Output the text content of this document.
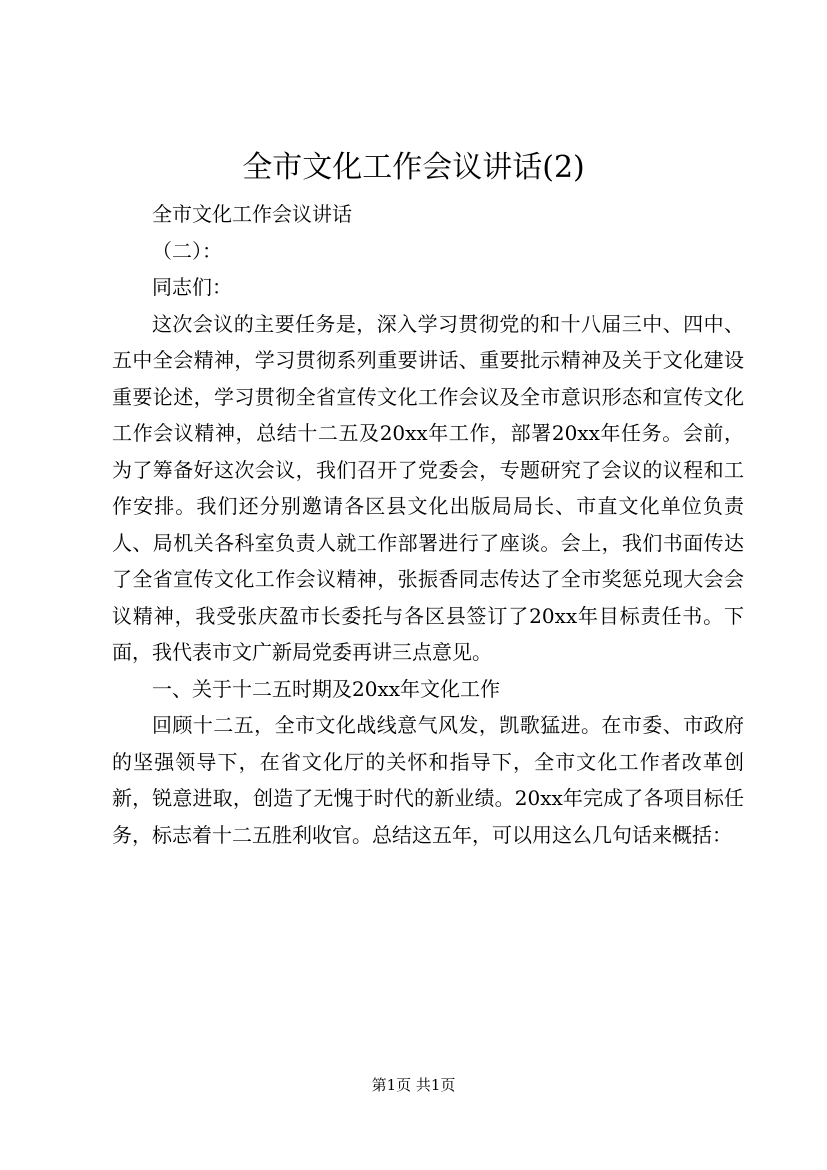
全市文化工作会议讲话(2)

全市文化工作会议讲话

（二）：

同志们：

这次会议的主要任务是，深入学习贯彻党的和十八届三中、四中、五中全会精神，学习贯彻系列重要讲话、重要批示精神及关于文化建设重要论述，学习贯彻全省宣传文化工作会议及全市意识形态和宣传文化工作会议精神，总结十二五及20xx年工作，部署20xx年任务。会前，为了筹备好这次会议，我们召开了党委会，专题研究了会议的议程和工作安排。我们还分别邀请各区县文化出版局局长、市直文化单位负责人、局机关各科室负责人就工作部署进行了座谈。会上，我们书面传达了全省宣传文化工作会议精神，张振香同志传达了全市奖惩兑现大会会议精神，我受张庆盈市长委托与各区县签订了20xx年目标责任书。下面，我代表市文广新局党委再讲三点意见。

一、关于十二五时期及20xx年文化工作

回顾十二五，全市文化战线意气风发，凯歌猛进。在市委、市政府的坚强领导下，在省文化厅的关怀和指导下，全市文化工作者改革创新，锐意进取，创造了无愧于时代的新业绩。20xx年完成了各项目标任务，标志着十二五胜利收官。总结这五年，可以用这么几句话来概括：

第1页 共1页
